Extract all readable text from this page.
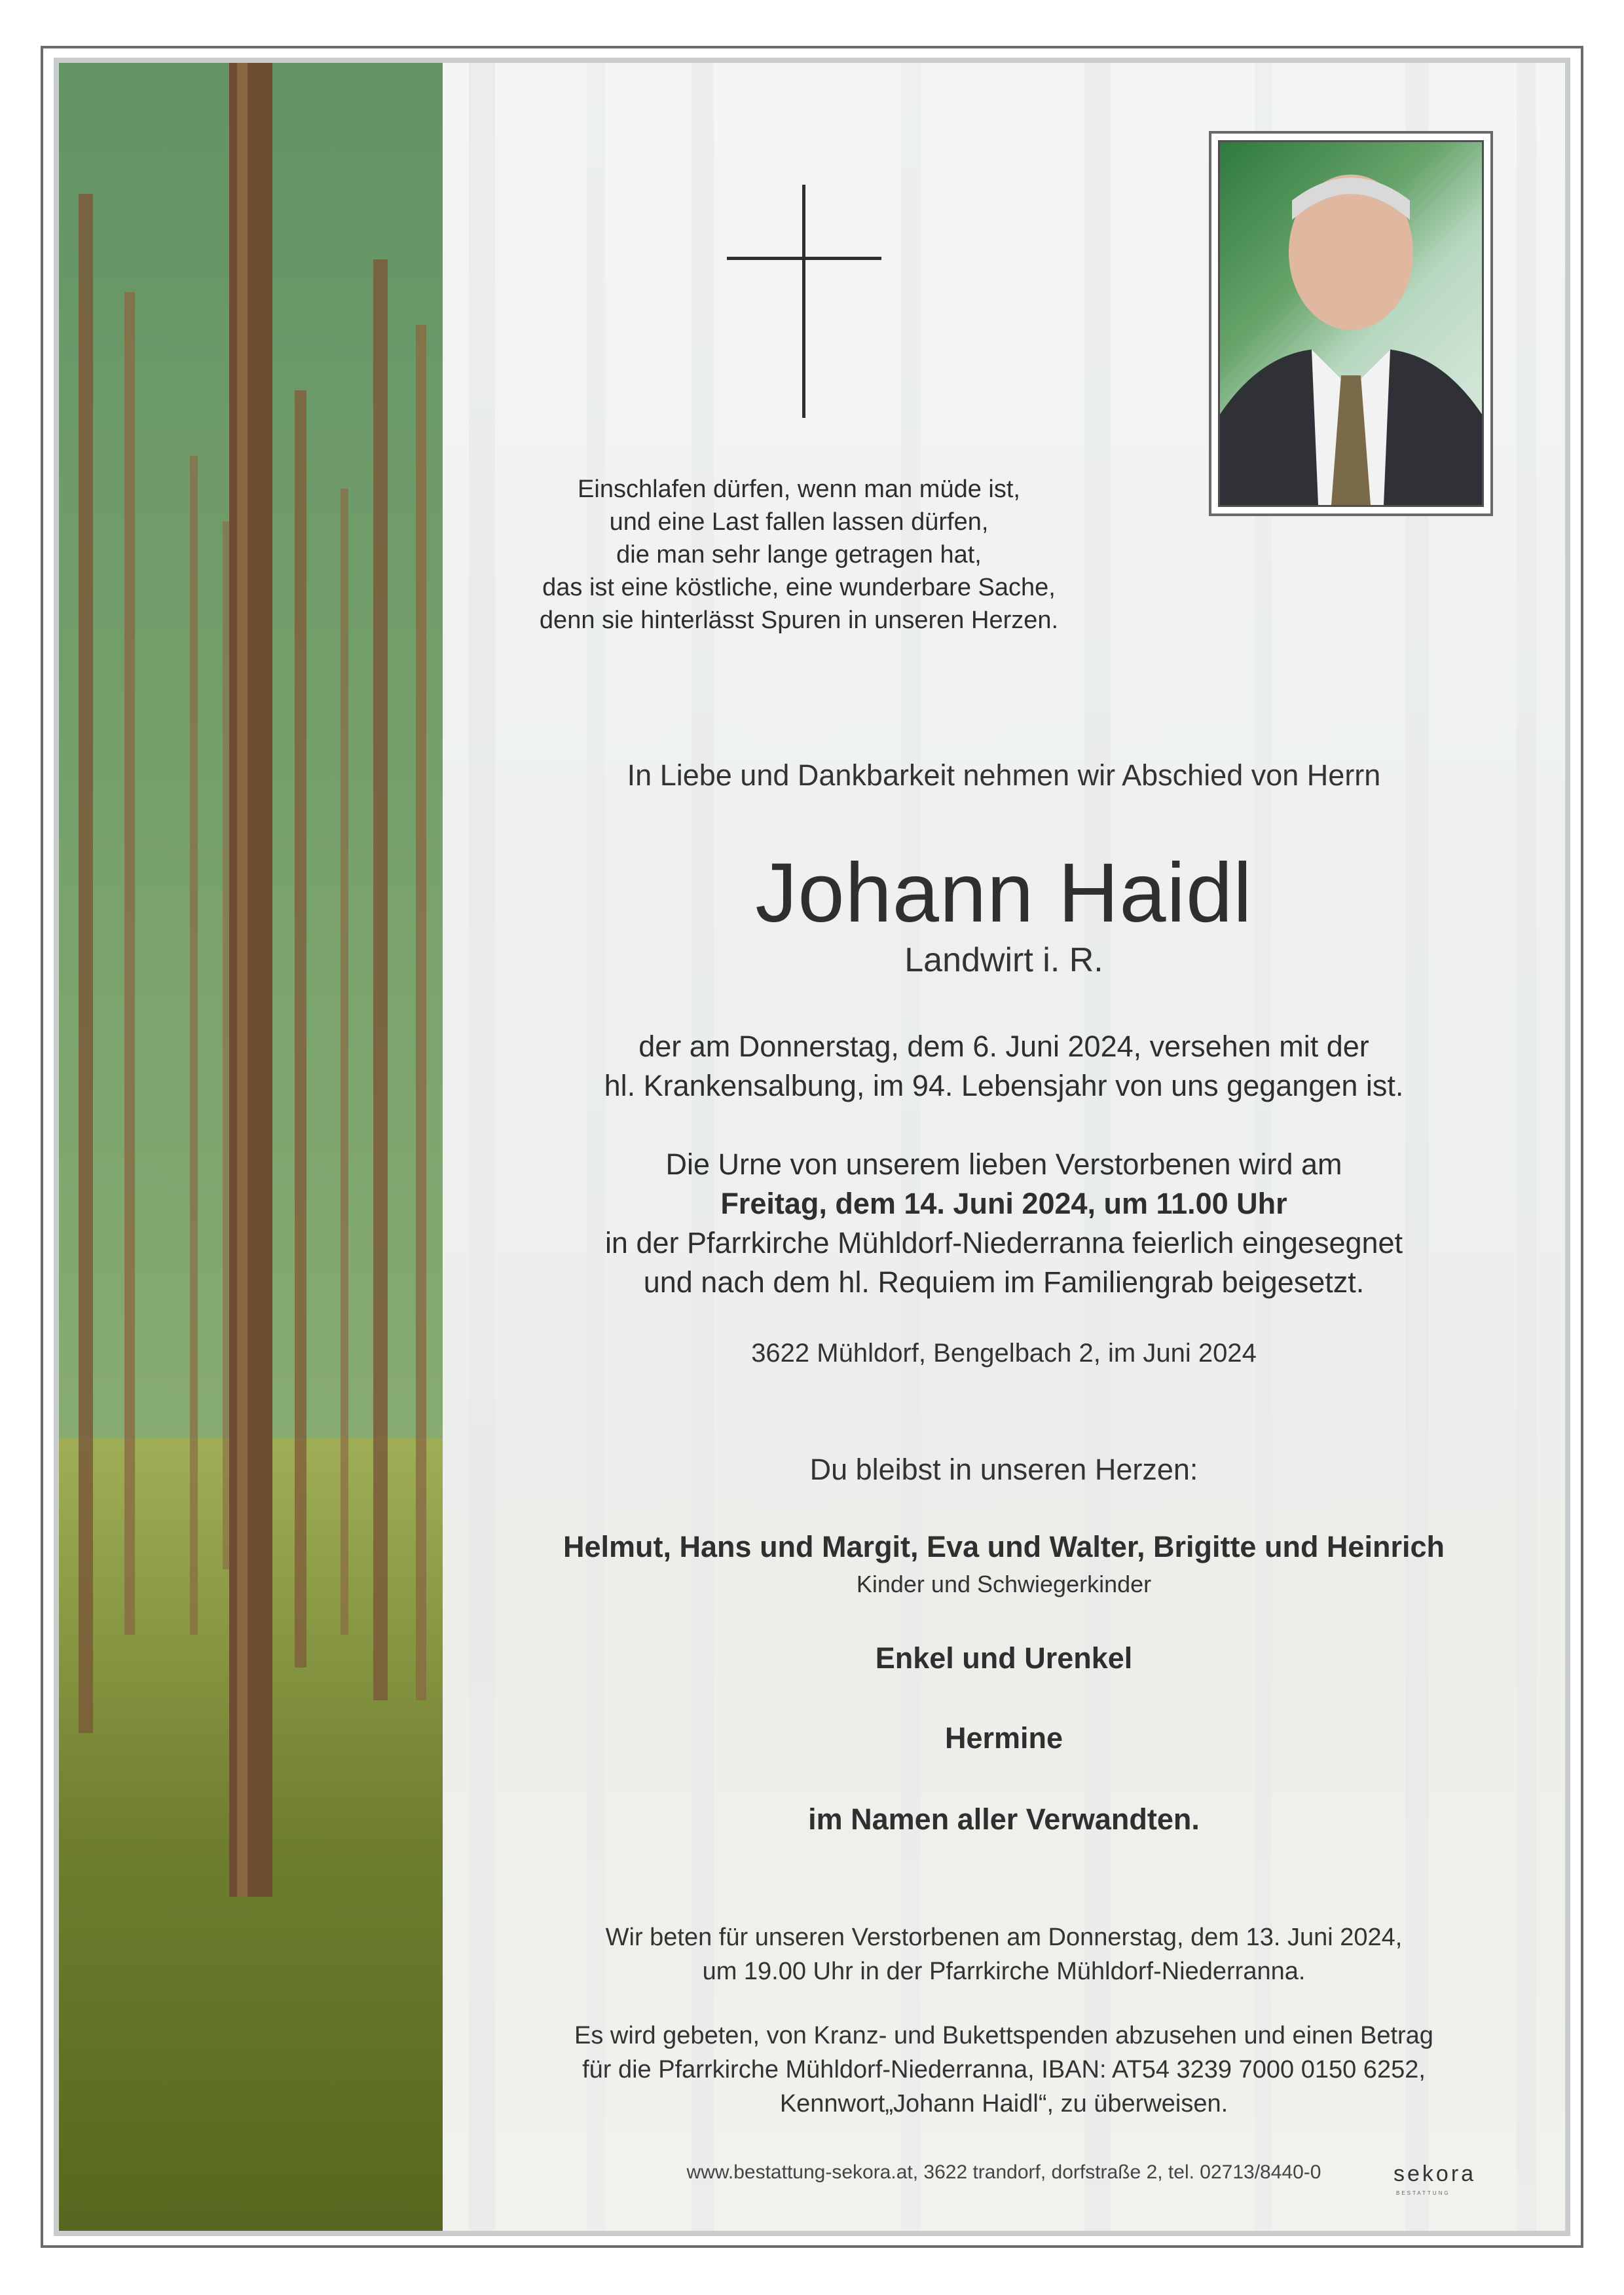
Einschlafen dürfen, wenn man müde ist,
und eine Last fallen lassen dürfen,
die man sehr lange getragen hat,
das ist eine köstliche, eine wunderbare Sache,
denn sie hinterlässt Spuren in unseren Herzen.
In Liebe und Dankbarkeit nehmen wir Abschied von Herrn
Johann Haidl
Landwirt i. R.
der am Donnerstag, dem 6. Juni 2024, versehen mit der
hl. Krankensalbung, im 94. Lebensjahr von uns gegangen ist.
Die Urne von unserem lieben Verstorbenen wird am
Freitag, dem 14. Juni 2024, um 11.00 Uhr
in der Pfarrkirche Mühldorf-Niederranna feierlich eingesegnet
und nach dem hl. Requiem im Familiengrab beigesetzt.
3622 Mühldorf, Bengelbach 2, im Juni 2024
Du bleibst in unseren Herzen:
Helmut, Hans und Margit, Eva und Walter, Brigitte und Heinrich
Kinder und Schwiegerkinder
Enkel und Urenkel
Hermine
im Namen aller Verwandten.
Wir beten für unseren Verstorbenen am Donnerstag, dem 13. Juni 2024,
um 19.00 Uhr in der Pfarrkirche Mühldorf-Niederranna.
Es wird gebeten, von Kranz- und Bukettspenden abzusehen und einen Betrag
für die Pfarrkirche Mühldorf-Niederranna, IBAN: AT54 3239 7000 0150 6252,
Kennwort„Johann Haidl“, zu überweisen.
www.bestattung-sekora.at, 3622 trandorf, dorfstraße 2, tel. 02713/8440-0	sekora
BESTATTUNG
